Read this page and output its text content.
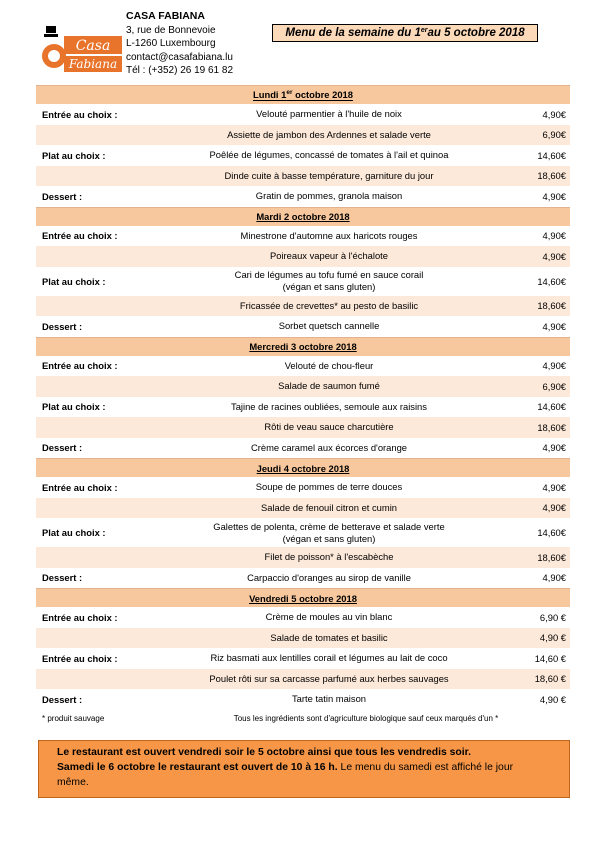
Casa
Fabiana
CASA FABIANA
3, rue de Bonnevoie
L-1260 Luxembourg
contact@casafabiana.lu
Tél : (+352) 26 19 61 82
Menu de la semaine du 1er au 5 octobre 2018
Lundi 1er octobre 2018		
Entrée au choix :	Velouté parmentier à l'huile de noix	4,90€

	Assiette de jambon des Ardennes et salade verte	6,90€
Plat au choix :	Poêlée de légumes, concassé de tomates à l'ail et quinoa	14,60€

	Dinde cuite à basse température, garniture du jour	18,60€
Dessert :	Gratin de pommes, granola maison	4,90€
Mardi 2 octobre 2018		
Entrée au choix :	Minestrone d'automne aux haricots rouges	4,90€

	Poireaux vapeur à l'échalote	4,90€
Plat au choix :	Cari de légumes au tofu fumé en sauce corail
(végan et sans gluten)	14,60€

	Fricassée de crevettes* au pesto de basilic	18,60€
Dessert :	Sorbet quetsch cannelle	4,90€
Mercredi 3 octobre 2018		
Entrée au choix :	Velouté de chou-fleur	4,90€

	Salade de saumon fumé	6,90€
Plat au choix :	Tajine de racines oubliées, semoule aux raisins	14,60€

	Rôti de veau sauce charcutière	18,60€
Dessert :	Crème caramel aux écorces d'orange	4,90€
Jeudi 4 octobre 2018		
Entrée au choix :	Soupe de pommes de terre douces	4,90€

	Salade de fenouil citron et cumin	4,90€
Plat au choix :	Galettes de polenta, crème de betterave et salade verte
(végan et sans gluten)	14,60€

	Filet de poisson* à l'escabèche	18,60€
Dessert :	Carpaccio d'oranges au sirop de vanille	4,90€
Vendredi 5 octobre 2018		
Entrée au choix :	Crème de moules au vin blanc	6,90 €

	Salade de tomates et basilic	4,90 €
Entrée au choix :	Riz basmati aux lentilles corail et légumes au lait de coco	14,60 €

	Poulet rôti sur sa carcasse parfumé aux herbes sauvages	18,60 €
Dessert :	Tarte tatin maison	4,90 €
* produit sauvage	Tous les ingrédients sont d'agriculture biologique sauf ceux marqués d'un *	
Le restaurant est ouvert vendredi soir le 5 octobre ainsi que tous les vendredis soir.
Samedi le 6 octobre le restaurant est ouvert de 10 à 16 h. Le menu du samedi est affiché le jour
même.
